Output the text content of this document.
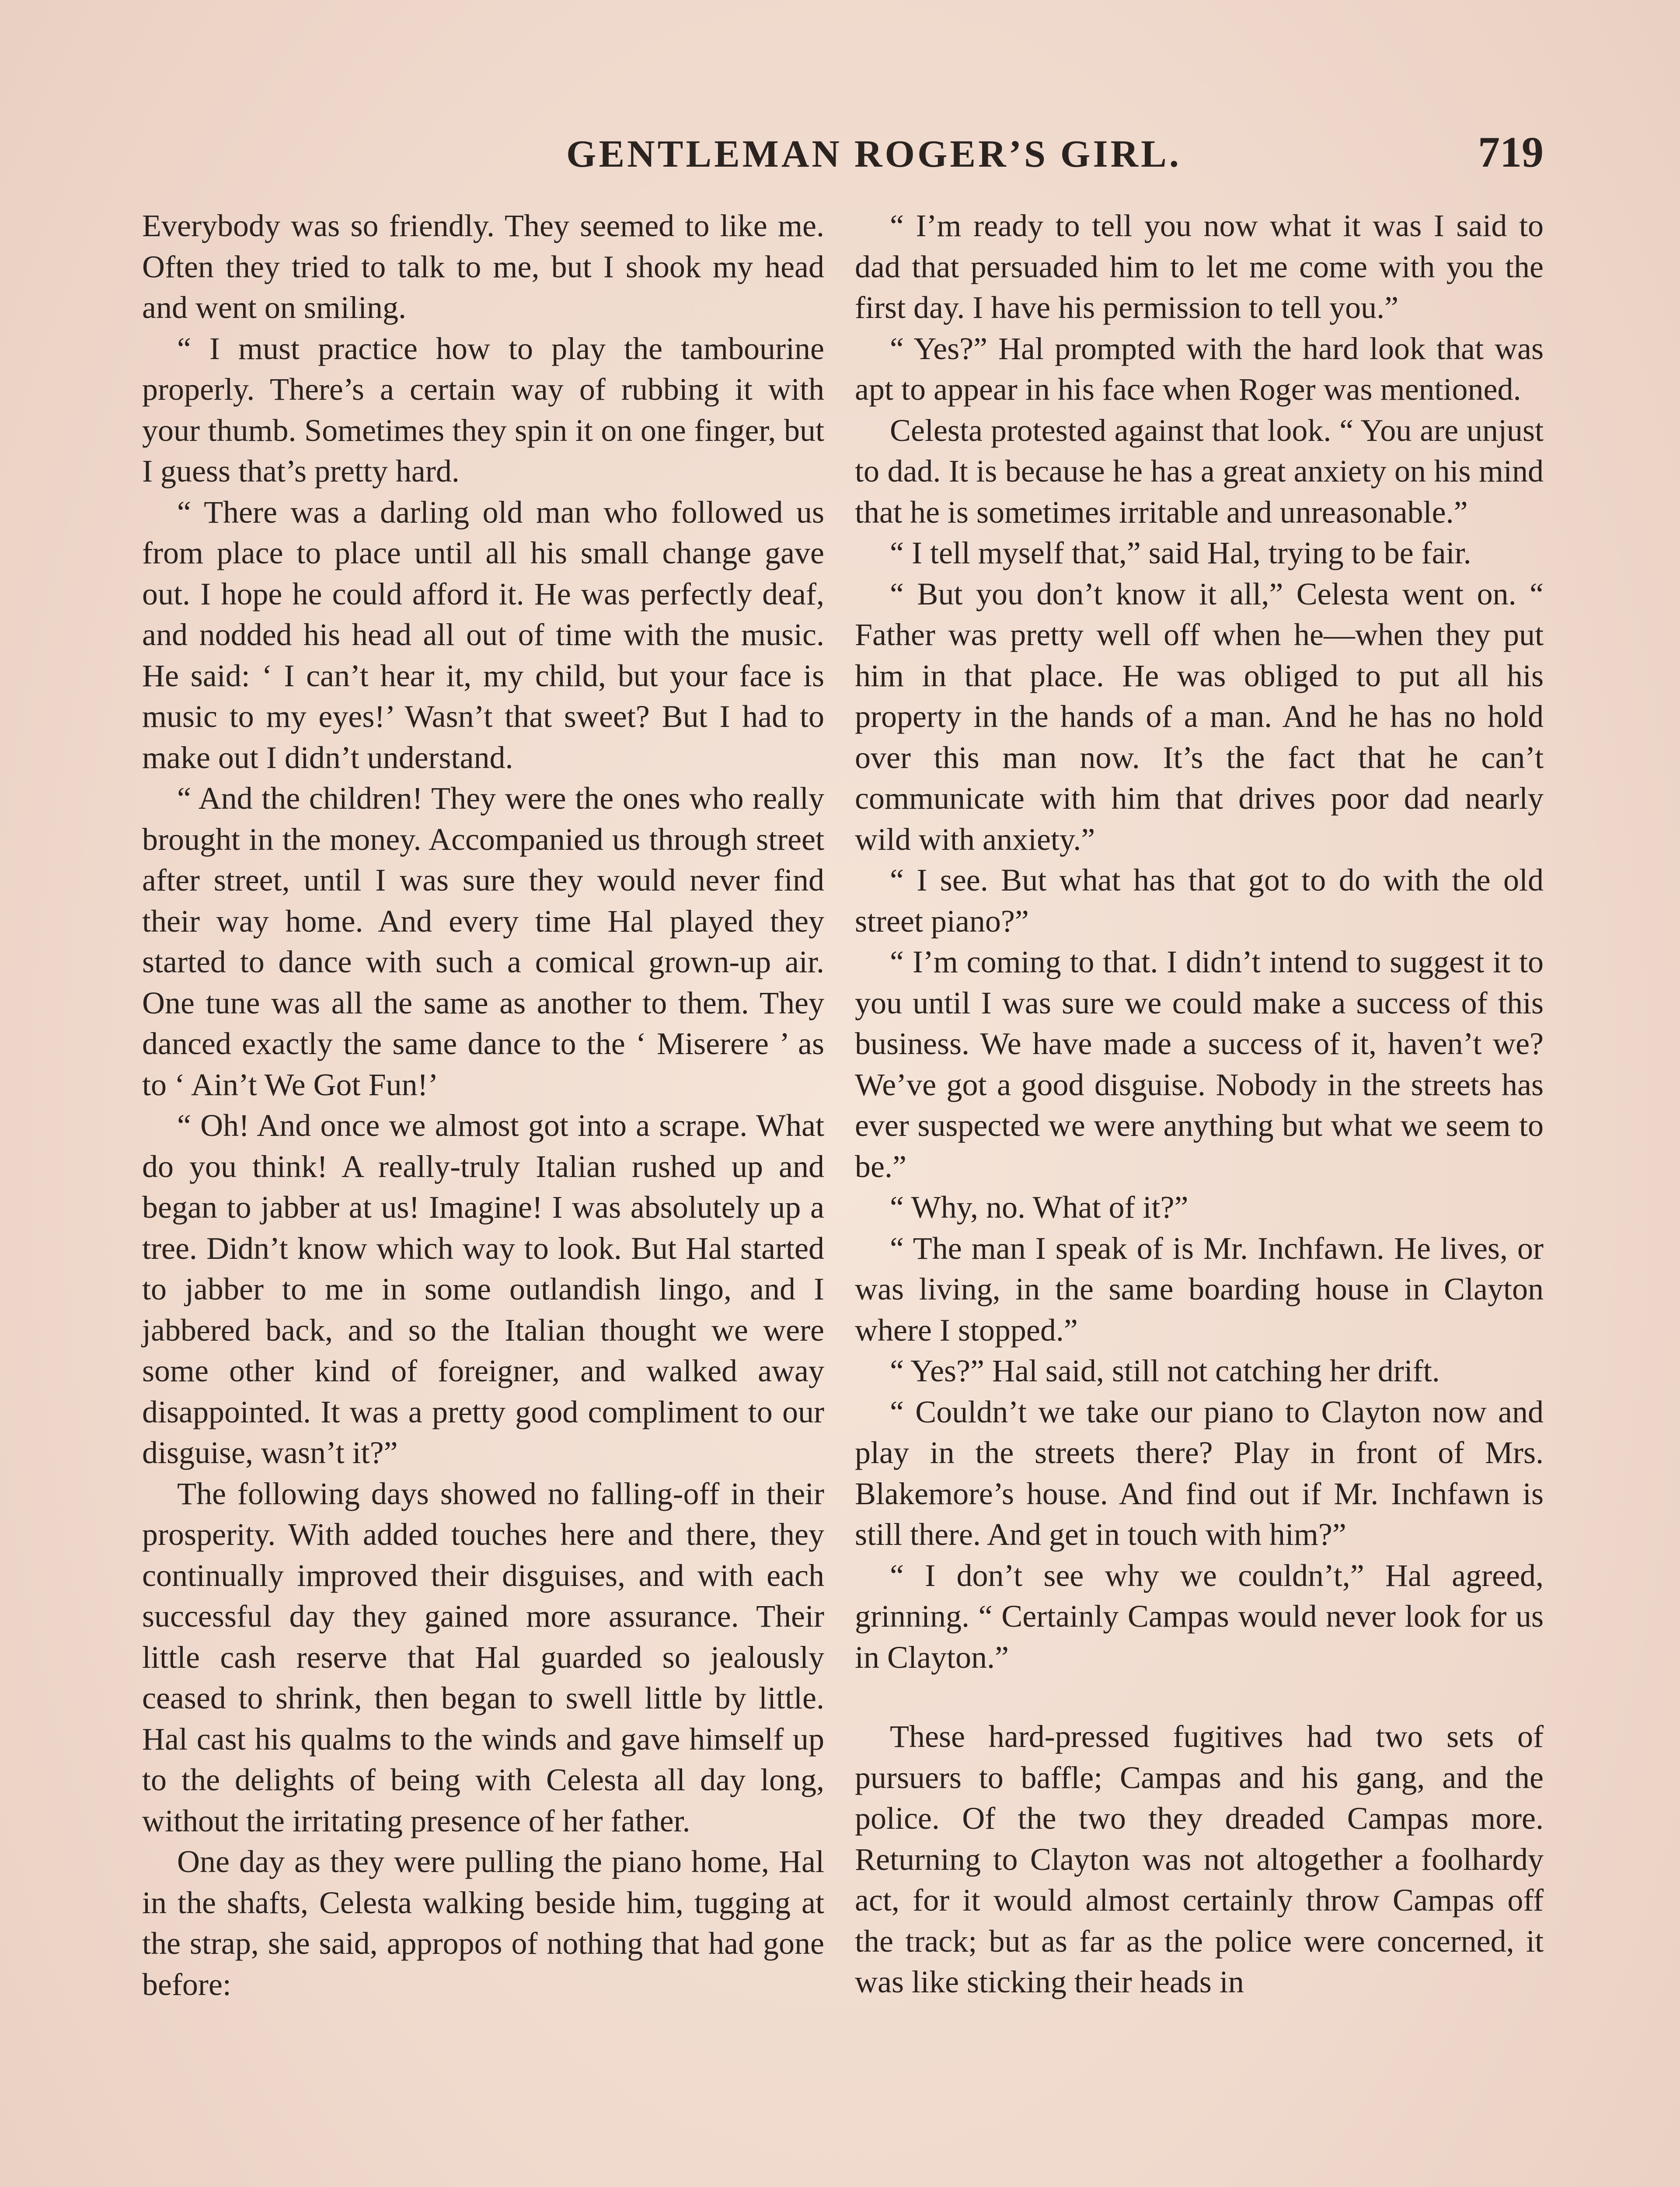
GENTLEMAN ROGER’S GIRL.	719

Everybody was so friendly. They seemed to like me. Often they tried to talk to me, but I shook my head and went on smiling.

“ I must practice how to play the tambourine properly. There’s a certain way of rubbing it with your thumb. Sometimes they spin it on one finger, but I guess that’s pretty hard.

“ There was a darling old man who followed us from place to place until all his small change gave out. I hope he could afford it. He was perfectly deaf, and nodded his head all out of time with the music. He said: ‘ I can’t hear it, my child, but your face is music to my eyes!’ Wasn’t that sweet? But I had to make out I didn’t understand.

“ And the children! They were the ones who really brought in the money. Accompanied us through street after street, until I was sure they would never find their way home. And every time Hal played they started to dance with such a comical grown-up air. One tune was all the same as another to them. They danced exactly the same dance to the ‘ Miserere ’ as to ‘ Ain’t We Got Fun!’

“ Oh! And once we almost got into a scrape. What do you think! A really-truly Italian rushed up and began to jabber at us! Imagine! I was absolutely up a tree. Didn’t know which way to look. But Hal started to jabber to me in some outlandish lingo, and I jabbered back, and so the Italian thought we were some other kind of foreigner, and walked away disappointed. It was a pretty good compliment to our disguise, wasn’t it?”

The following days showed no falling-off in their prosperity. With added touches here and there, they continually improved their disguises, and with each successful day they gained more assurance. Their little cash reserve that Hal guarded so jealously ceased to shrink, then began to swell little by little. Hal cast his qualms to the winds and gave himself up to the delights of being with Celesta all day long, without the irritating presence of her father.

One day as they were pulling the piano home, Hal in the shafts, Celesta walking beside him, tugging at the strap, she said, appropos of nothing that had gone before:

“ I’m ready to tell you now what it was I said to dad that persuaded him to let me come with you the first day. I have his permission to tell you.”

“ Yes?” Hal prompted with the hard look that was apt to appear in his face when Roger was mentioned.

Celesta protested against that look. “ You are unjust to dad. It is because he has a great anxiety on his mind that he is sometimes irritable and unreasonable.”

“ I tell myself that,” said Hal, trying to be fair.

“ But you don’t know it all,” Celesta went on. “ Father was pretty well off when he—when they put him in that place. He was obliged to put all his property in the hands of a man. And he has no hold over this man now. It’s the fact that he can’t communicate with him that drives poor dad nearly wild with anxiety.”

“ I see. But what has that got to do with the old street piano?”

“ I’m coming to that. I didn’t intend to suggest it to you until I was sure we could make a success of this business. We have made a success of it, haven’t we? We’ve got a good disguise. Nobody in the streets has ever suspected we were anything but what we seem to be.”

“ Why, no. What of it?”

“ The man I speak of is Mr. Inchfawn. He lives, or was living, in the same boarding house in Clayton where I stopped.”

“ Yes?” Hal said, still not catching her drift.

“ Couldn’t we take our piano to Clayton now and play in the streets there? Play in front of Mrs. Blakemore’s house. And find out if Mr. Inchfawn is still there. And get in touch with him?”

“ I don’t see why we couldn’t,” Hal agreed, grinning. “ Certainly Campas would never look for us in Clayton.”

These hard-pressed fugitives had two sets of pursuers to baffle; Campas and his gang, and the police. Of the two they dreaded Campas more. Returning to Clayton was not altogether a foolhardy act, for it would almost certainly throw Campas off the track; but as far as the police were concerned, it was like sticking their heads in
